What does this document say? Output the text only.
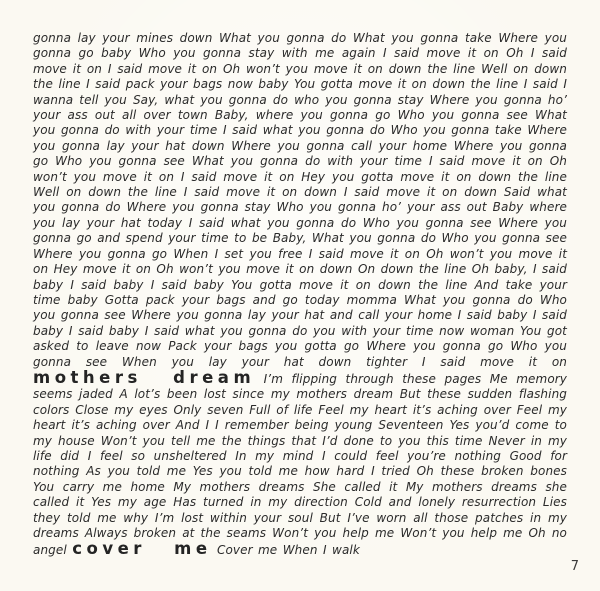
gonna lay your mines down What you gonna do What you gonna take Where you gonna go baby Who you gonna stay with me again I said move it on Oh I said move it on I said move it on Oh won’t you move it on down the line Well on down the line I said pack your bags now baby You gotta move it on down the line I said I wanna tell you Say, what you gonna do who you gonna stay Where you gonna ho’ your ass out all over town Baby, where you gonna go Who you gonna see What you gonna do with your time I said what you gonna do Who you gonna take Where you gonna lay your hat down Where you gonna call your home Where you gonna go Who you gonna see What you gonna do with your time I said move it on Oh won’t you move it on I said move it on Hey you gotta move it on down the line Well on down the line I said move it on down I said move it on down Said what you gonna do Where you gonna stay Who you gonna ho’ your ass out Baby where you lay your hat today I said what you gonna do Who you gonna see Where you gonna go and spend your time to be Baby, What you gonna do Who you gonna see Where you gonna go When I set you free I said move it on Oh won’t you move it on Hey move it on Oh won’t you move it on down On down the line Oh baby, I said baby I said baby I said baby You gotta move it on down the line And take your time baby Gotta pack your bags and go today momma What you gonna do Who you gonna see Where you gonna lay your hat and call your home I said baby I said baby I said baby I said what you gonna do you with your time now woman You got asked to leave now Pack your bags you gotta go Where you gonna go Who you gonna see When you lay your hat down tighter I said move it on mothers dream I’m flipping through these pages Me memory seems jaded A lot’s been lost since my mothers dream But these sudden flashing colors Close my eyes Only seven Full of life Feel my heart it’s aching over Feel my heart it’s aching over And I I remember being young Seventeen Yes you’d come to my house Won’t you tell me the things that I’d done to you this time Never in my life did I feel so unsheltered In my mind I could feel you’re nothing Good for nothing As you told me Yes you told me how hard I tried Oh these broken bones You carry me home My mothers dreams She called it My mothers dreams she called it Yes my age Has turned in my direction Cold and lonely resurrection Lies they told me why I’m lost within your soul But I’ve worn all those patches in my dreams Always broken at the seams Won’t you help me Won’t you help me Oh no angel cover me Cover me When I walk

7
